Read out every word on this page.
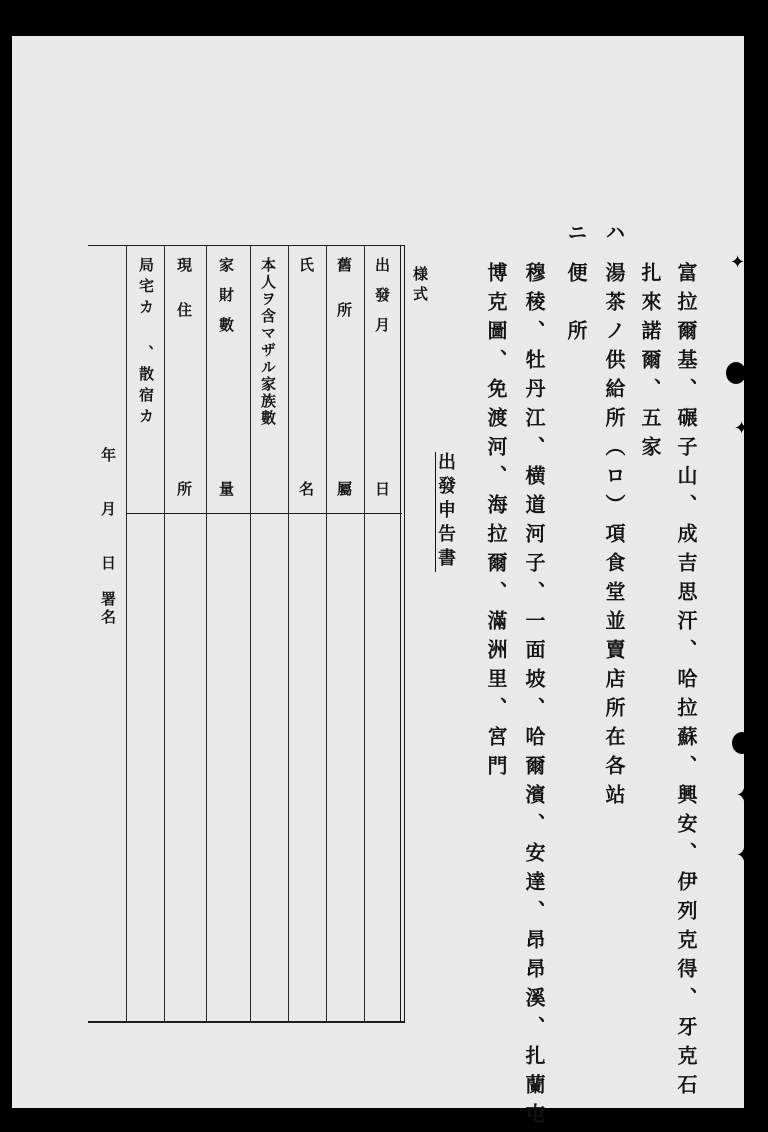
✦
✦
✦
✦
富拉爾基、碾子山、成吉思汗、哈拉蘇、興安、伊列克得、牙克石
扎來諾爾、五家
ハ
湯茶ノ供給所（ロ）項食堂並賣店所在各站
ニ
便　所
穆稜、牡丹江、横道河子、一面坡、哈爾濱、安達、昂昂溪、扎蘭屯
博克圖、免渡河、海拉爾、滿洲里、宮門
出發申告書
様式
出　發　月
日
舊　　所
屬
氏
名
本人ヲ含マザル家族數
家　財　數
量
現　　住
所
局宅カ
、散宿カ
年　　月　　日　署名
